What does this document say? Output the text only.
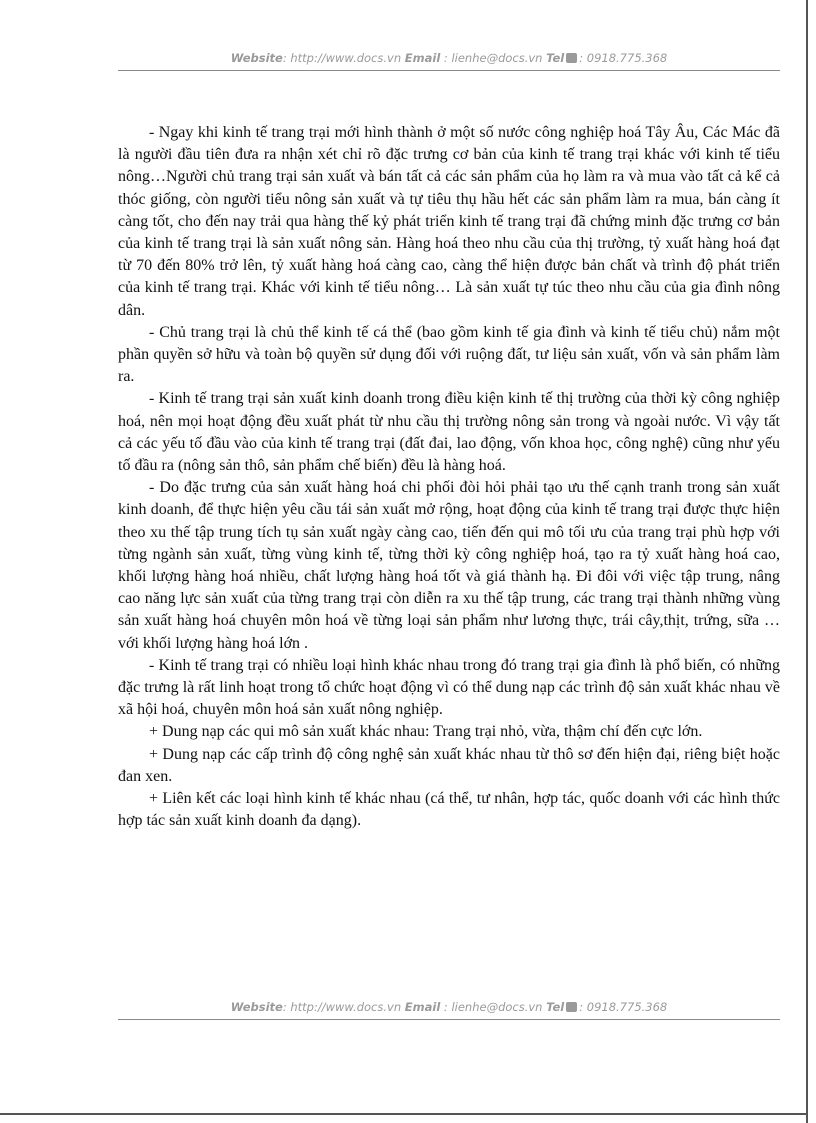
Website: http://www.docs.vn Email : lienhe@docs.vn Tel : 0918.775.368

- Ngay khi kinh tế trang trại mới hình thành ở một số nước công nghiệp hoá Tây Âu, Các Mác đã là người đầu tiên đưa ra nhận xét chỉ rõ đặc trưng cơ bản của kinh tế trang trại khác với kinh tế tiểu nông…Người chủ trang trại sản xuất và bán tất cả các sản phẩm của họ làm ra và mua vào tất cả kể cả thóc giống, còn người tiểu nông sản xuất và tự tiêu thụ hầu hết các sản phẩm làm ra mua, bán càng ít càng tốt, cho đến nay trải qua hàng thế kỷ phát triển kinh tế trang trại đã chứng minh đặc trưng cơ bản của kinh tế trang trại là sản xuất nông sản. Hàng hoá theo nhu cầu của thị trường, tỷ xuất hàng hoá đạt từ 70 đến 80% trở lên, tỷ xuất hàng hoá càng cao, càng thể hiện được bản chất và trình độ phát triển của kinh tế trang trại. Khác với kinh tế tiểu nông… Là sản xuất tự túc theo nhu cầu của gia đình nông dân.

- Chủ trang trại là chủ thể kinh tế cá thể (bao gồm kinh tế gia đình và kinh tế tiểu chủ) nắm một phần quyền sở hữu và toàn bộ quyền sử dụng đối với ruộng đất, tư liệu sản xuất, vốn và sản phẩm làm ra.

- Kinh tế trang trại sản xuất kinh doanh trong điều kiện kinh tế thị trường của thời kỳ công nghiệp hoá, nên mọi hoạt động đều xuất phát từ nhu cầu thị trường nông sản trong và ngoài nước. Vì vậy tất cả các yếu tố đầu vào của kinh tế trang trại (đất đai, lao động, vốn khoa học, công nghệ) cũng như yếu tố đầu ra (nông sản thô, sản phẩm chế biến) đều là hàng hoá.

- Do đặc trưng của sản xuất hàng hoá chi phối đòi hỏi phải tạo ưu thế cạnh tranh trong sản xuất kinh doanh, để thực hiện yêu cầu tái sản xuất mở rộng, hoạt động của kinh tế trang trại được thực hiện theo xu thế tập trung tích tụ sản xuất ngày càng cao, tiến đến qui mô tối ưu của trang trại phù hợp với từng ngành sản xuất, từng vùng kinh tế, từng thời kỳ công nghiệp hoá, tạo ra tỷ xuất hàng hoá cao, khối lượng hàng hoá nhiều, chất lượng hàng hoá tốt và giá thành hạ. Đi đôi với việc tập trung, nâng cao năng lực sản xuất của từng trang trại còn diễn ra xu thế tập trung, các trang trại thành những vùng sản xuất hàng hoá chuyên môn hoá về từng loại sản phẩm như lương thực, trái cây,thịt, trứng, sữa …với khối lượng hàng hoá lớn .

- Kinh tế trang trại có nhiều loại hình khác nhau trong đó trang trại gia đình là phổ biến, có những đặc trưng là rất linh hoạt trong tổ chức hoạt động vì có thể dung nạp các trình độ sản xuất khác nhau về xã hội hoá, chuyên môn hoá sản xuất nông nghiệp.

+ Dung nạp các qui mô sản xuất khác nhau: Trang trại nhỏ, vừa, thậm chí đến cực lớn.

+ Dung nạp các cấp trình độ công nghệ sản xuất khác nhau từ thô sơ đến hiện đại, riêng biệt hoặc đan xen.

+ Liên kết các loại hình kinh tế khác nhau (cá thể, tư nhân, hợp tác, quốc doanh với các hình thức hợp tác sản xuất kinh doanh đa dạng).

Website: http://www.docs.vn Email : lienhe@docs.vn Tel : 0918.775.368
